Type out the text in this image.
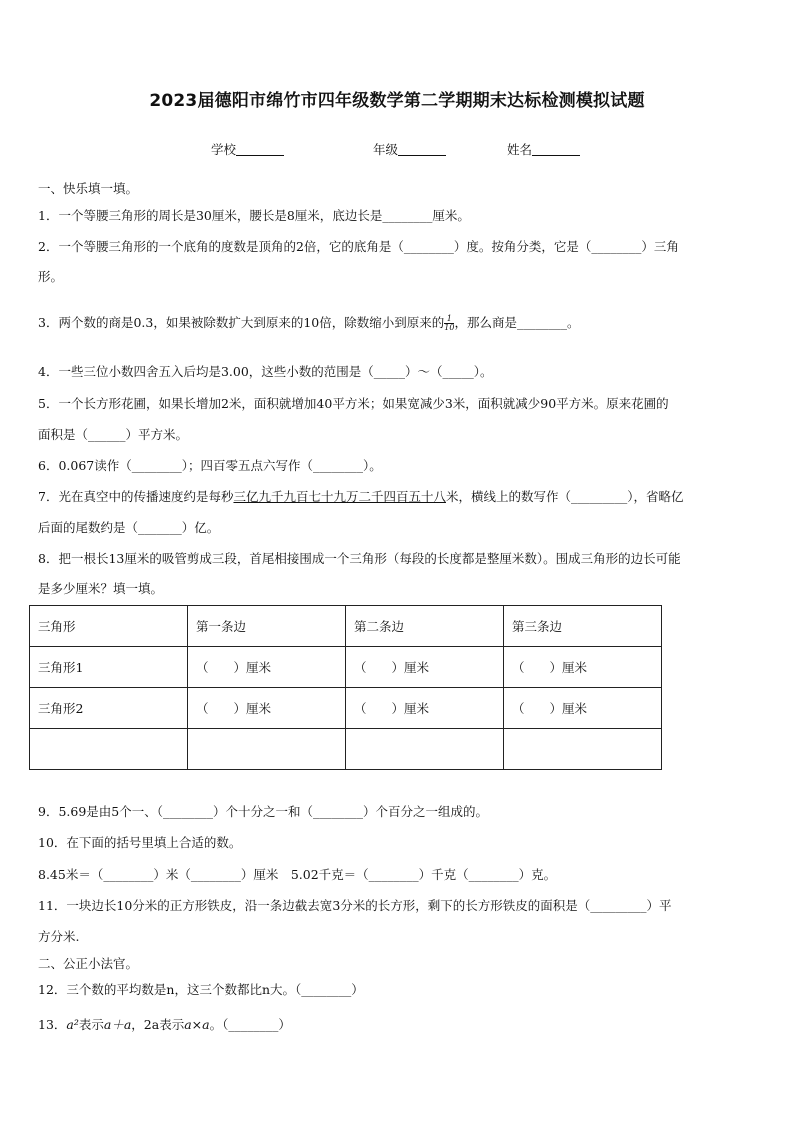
2023届德阳市绵竹市四年级数学第二学期期末达标检测模拟试题
学校	年级	姓名
一、快乐填一填。
1．一个等腰三角形的周长是30厘米，腰长是8厘米，底边长是________厘米。
2．一个等腰三角形的一个底角的度数是顶角的2倍，它的底角是（________）度。按角分类，它是（________）三角
形。
3．两个数的商是0.3，如果被除数扩大到原来的10倍，除数缩小到原来的 $\frac{1}{10}$ ，那么商是________。
4．一些三位小数四舍五入后均是3.00，这些小数的范围是（_____）～（_____）。
5．一个长方形花圃，如果长增加2米，面积就增加40平方米；如果宽减少3米，面积就减少90平方米。原来花圃的
面积是（______）平方米。
6．0.067读作（________）；四百零五点六写作（________）。
7．光在真空中的传播速度约是每秒三亿九千九百七十九万二千四百五十八米，横线上的数写作（_________），省略亿
后面的尾数约是（_______）亿。
8．把一根长13厘米的吸管剪成三段，首尾相接围成一个三角形（每段的长度都是整厘米数）。围成三角形的边长可能
是多少厘米？填一填。
三角形	第一条边	第二条边	第三条边
三角形1	（　　）厘米	（　　）厘米	（　　）厘米
三角形2	（　　）厘米	（　　）厘米	（　　）厘米

9．5.69是由5个一、（________）个十分之一和（________）个百分之一组成的。
10．在下面的括号里填上合适的数。
8.45米＝（________）米（________）厘米　5.02千克＝（________）千克（________）克。
11．一块边长10分米的正方形铁皮，沿一条边截去宽3分米的长方形，剩下的长方形铁皮的面积是（_________）平
方分米.
二、公正小法官。
12．三个数的平均数是n，这三个数都比n大。（________）
13．a²表示a＋a，2a表示a×a。（________）
